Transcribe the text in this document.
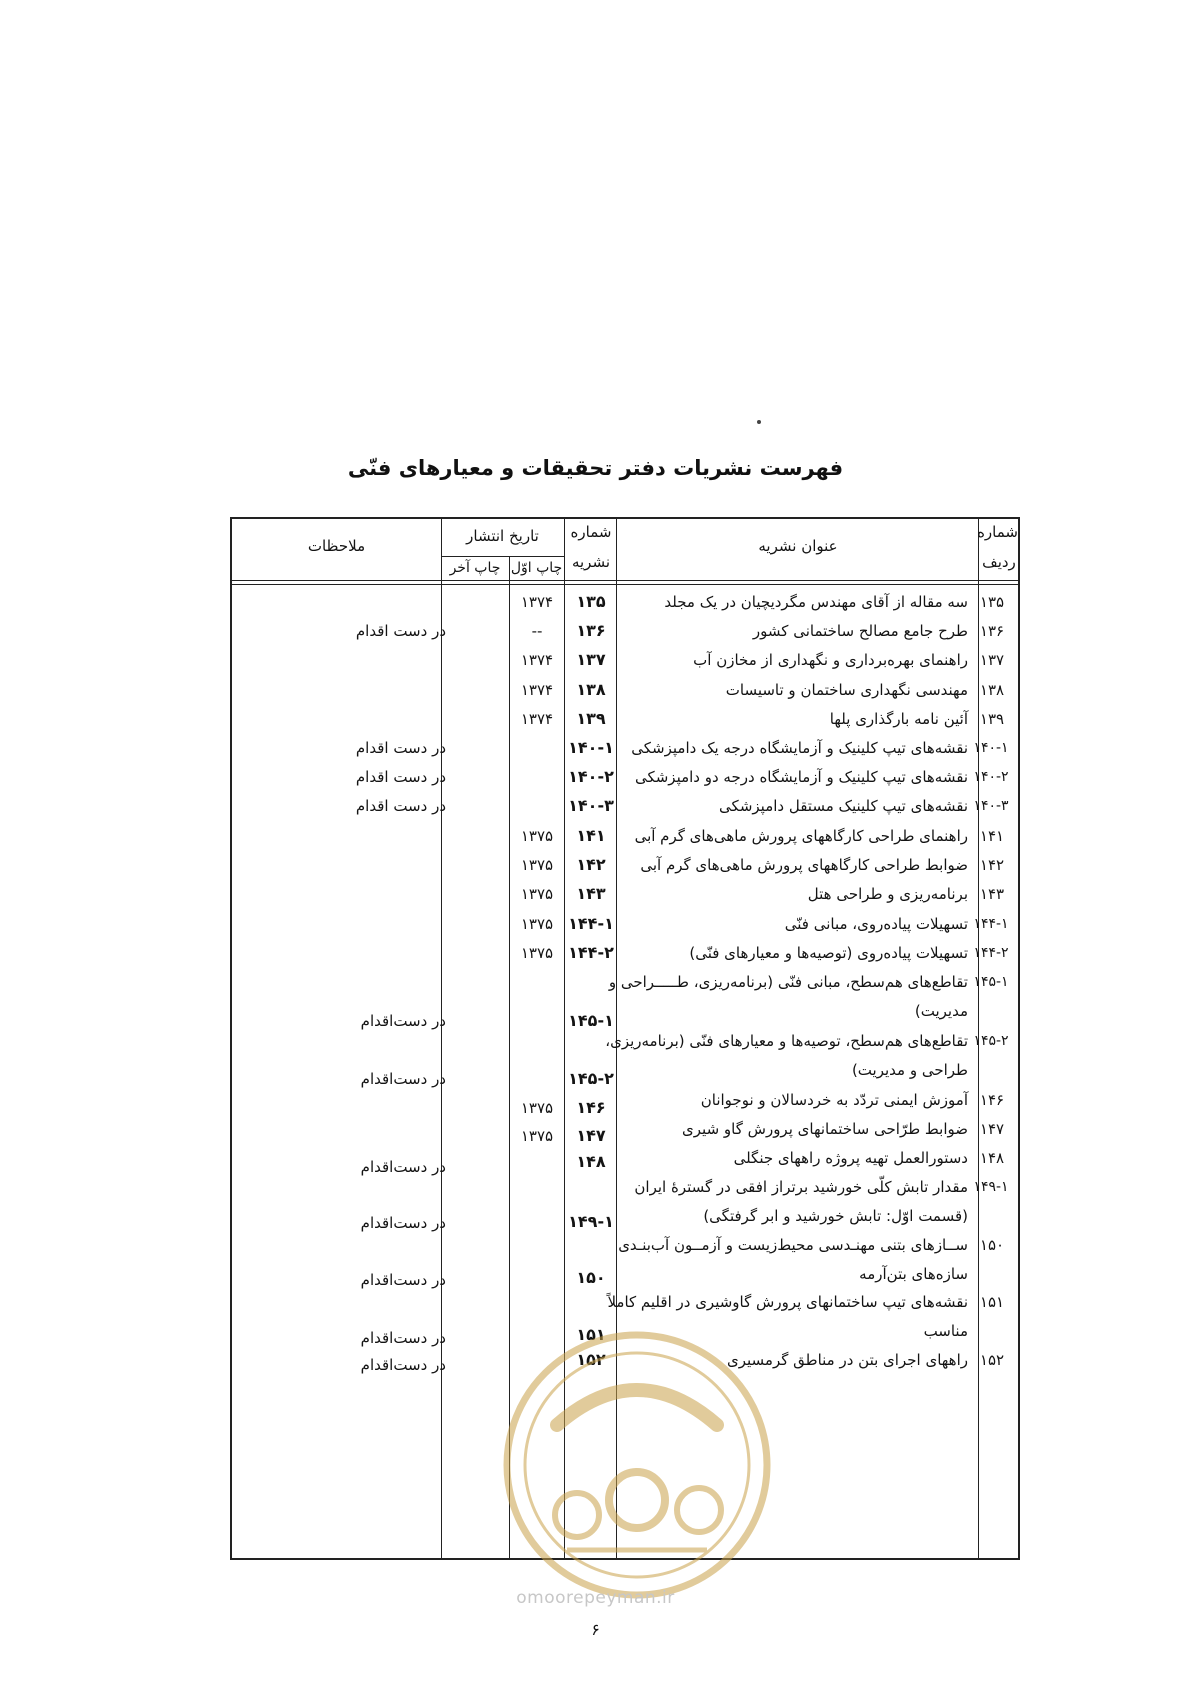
فهرست نشریات دفتر تحقیقات و معیارهای فنّی
شماره
ردیف
عنوان نشریه
شماره
نشریه
تاریخ انتشار
چاپ اوّل
چاپ آخر
ملاحظات
۱۳۵
سه مقاله از آقای مهندس مگردیچیان در یک مجلد
۱۳۵
۱۳۷۴
۱۳۶
طرح جامع مصالح ساختمانی کشور
۱۳۶
--
در دست اقدام
۱۳۷
راهنمای بهره‌برداری و نگهداری از مخازن آب
۱۳۷
۱۳۷۴
۱۳۸
مهندسی نگهداری ساختمان و تاسیسات
۱۳۸
۱۳۷۴
۱۳۹
آئین نامه بارگذاری پلها
۱۳۹
۱۳۷۴
۱۴۰-۱
نقشه‌های تیپ کلینیک و آزمایشگاه درجه یک دامپزشکی
۱۴۰-۱
در دست اقدام
۱۴۰-۲
نقشه‌های تیپ کلینیک و آزمایشگاه درجه دو دامپزشکی
۱۴۰-۲
در دست اقدام
۱۴۰-۳
نقشه‌های تیپ کلینیک مستقل دامپزشکی
۱۴۰-۳
در دست اقدام
۱۴۱
راهنمای طراحی کارگاههای پرورش ماهی‌های گرم آبی
۱۴۱
۱۳۷۵
۱۴۲
ضوابط طراحی کارگاههای پرورش ماهی‌های گرم آبی
۱۴۲
۱۳۷۵
۱۴۳
برنامه‌ریزی و طراحی هتل
۱۴۳
۱۳۷۵
۱۴۴-۱
تسهیلات پیاده‌روی، مبانی فنّی
۱۴۴-۱
۱۳۷۵
۱۴۴-۲
تسهیلات پیاده‌روی (توصیه‌ها و معیارهای فنّی)
۱۴۴-۲
۱۳۷۵
۱۴۵-۱
تقاطع‌های هم‌سطح، مبانی فنّی (برنامه‌ریزی، طـــــراحی و
مدیریت)
۱۴۵-۱
در دست‌اقدام
۱۴۵-۲
تقاطع‌های هم‌سطح، توصیه‌ها و معیارهای فنّی (برنامه‌ریزی،
طراحی و مدیریت)
۱۴۵-۲
در دست‌اقدام
۱۴۶
آموزش ایمنی تردّد به خردسالان و نوجوانان
۱۴۶
۱۳۷۵
۱۴۷
ضوابط طرّاحی ساختمانهای پرورش گاو شیری
۱۴۷
۱۳۷۵
۱۴۸
دستورالعمل تهیه پروژه راههای جنگلی
۱۴۸
در دست‌اقدام
۱۴۹-۱
مقدار تابش کلّی خورشید برتراز افقی در گسترهٔ ایران
(قسمت اوّل: تابش خورشید و ابر گرفتگی)
۱۴۹-۱
در دست‌اقدام
۱۵۰
ســازهای بتنی مهنـدسی محیط‌زیست و آزمــون آب‌بنـدی
سازه‌های بتن‌آرمه
۱۵۰
در دست‌اقدام
۱۵۱
نقشه‌های تیپ ساختمانهای پرورش گاوشیری در اقلیم کاملاً
مناسب
۱۵۱
در دست‌اقدام
۱۵۲
راههای اجرای بتن در مناطق گرمسیری
۱۵۲
در دست‌اقدام
omoorepeyman.ir
۶
